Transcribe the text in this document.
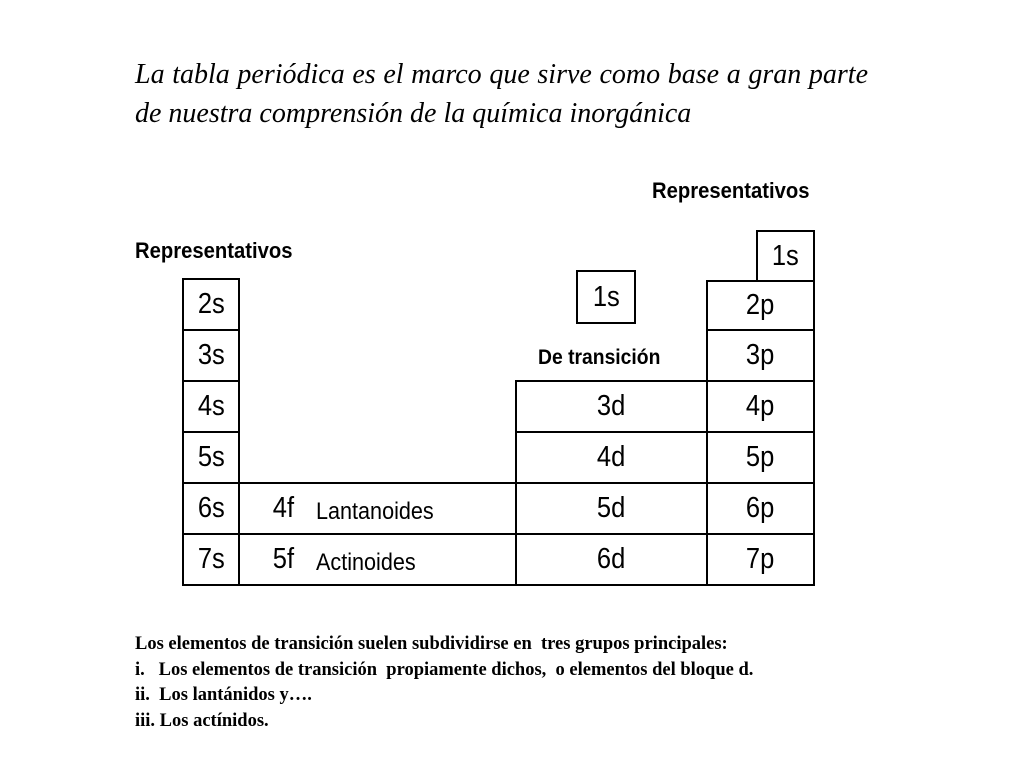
La tabla periódica es el marco que sirve como base a gran parte de nuestra comprensión de la química inorgánica
Representativos
Representativos
De transición
2s
3s
4s
5s
6s
7s
4f Lantanoides
5f Actinoides
1s
3d
4d
5d
6d
1s
2p
3p
4p
5p
6p
7p
Los elementos de transición suelen subdividirse en  tres grupos principales:
i.   Los elementos de transición  propiamente dichos,  o elementos del bloque d.
ii.  Los lantánidos y….
iii. Los actínidos.
